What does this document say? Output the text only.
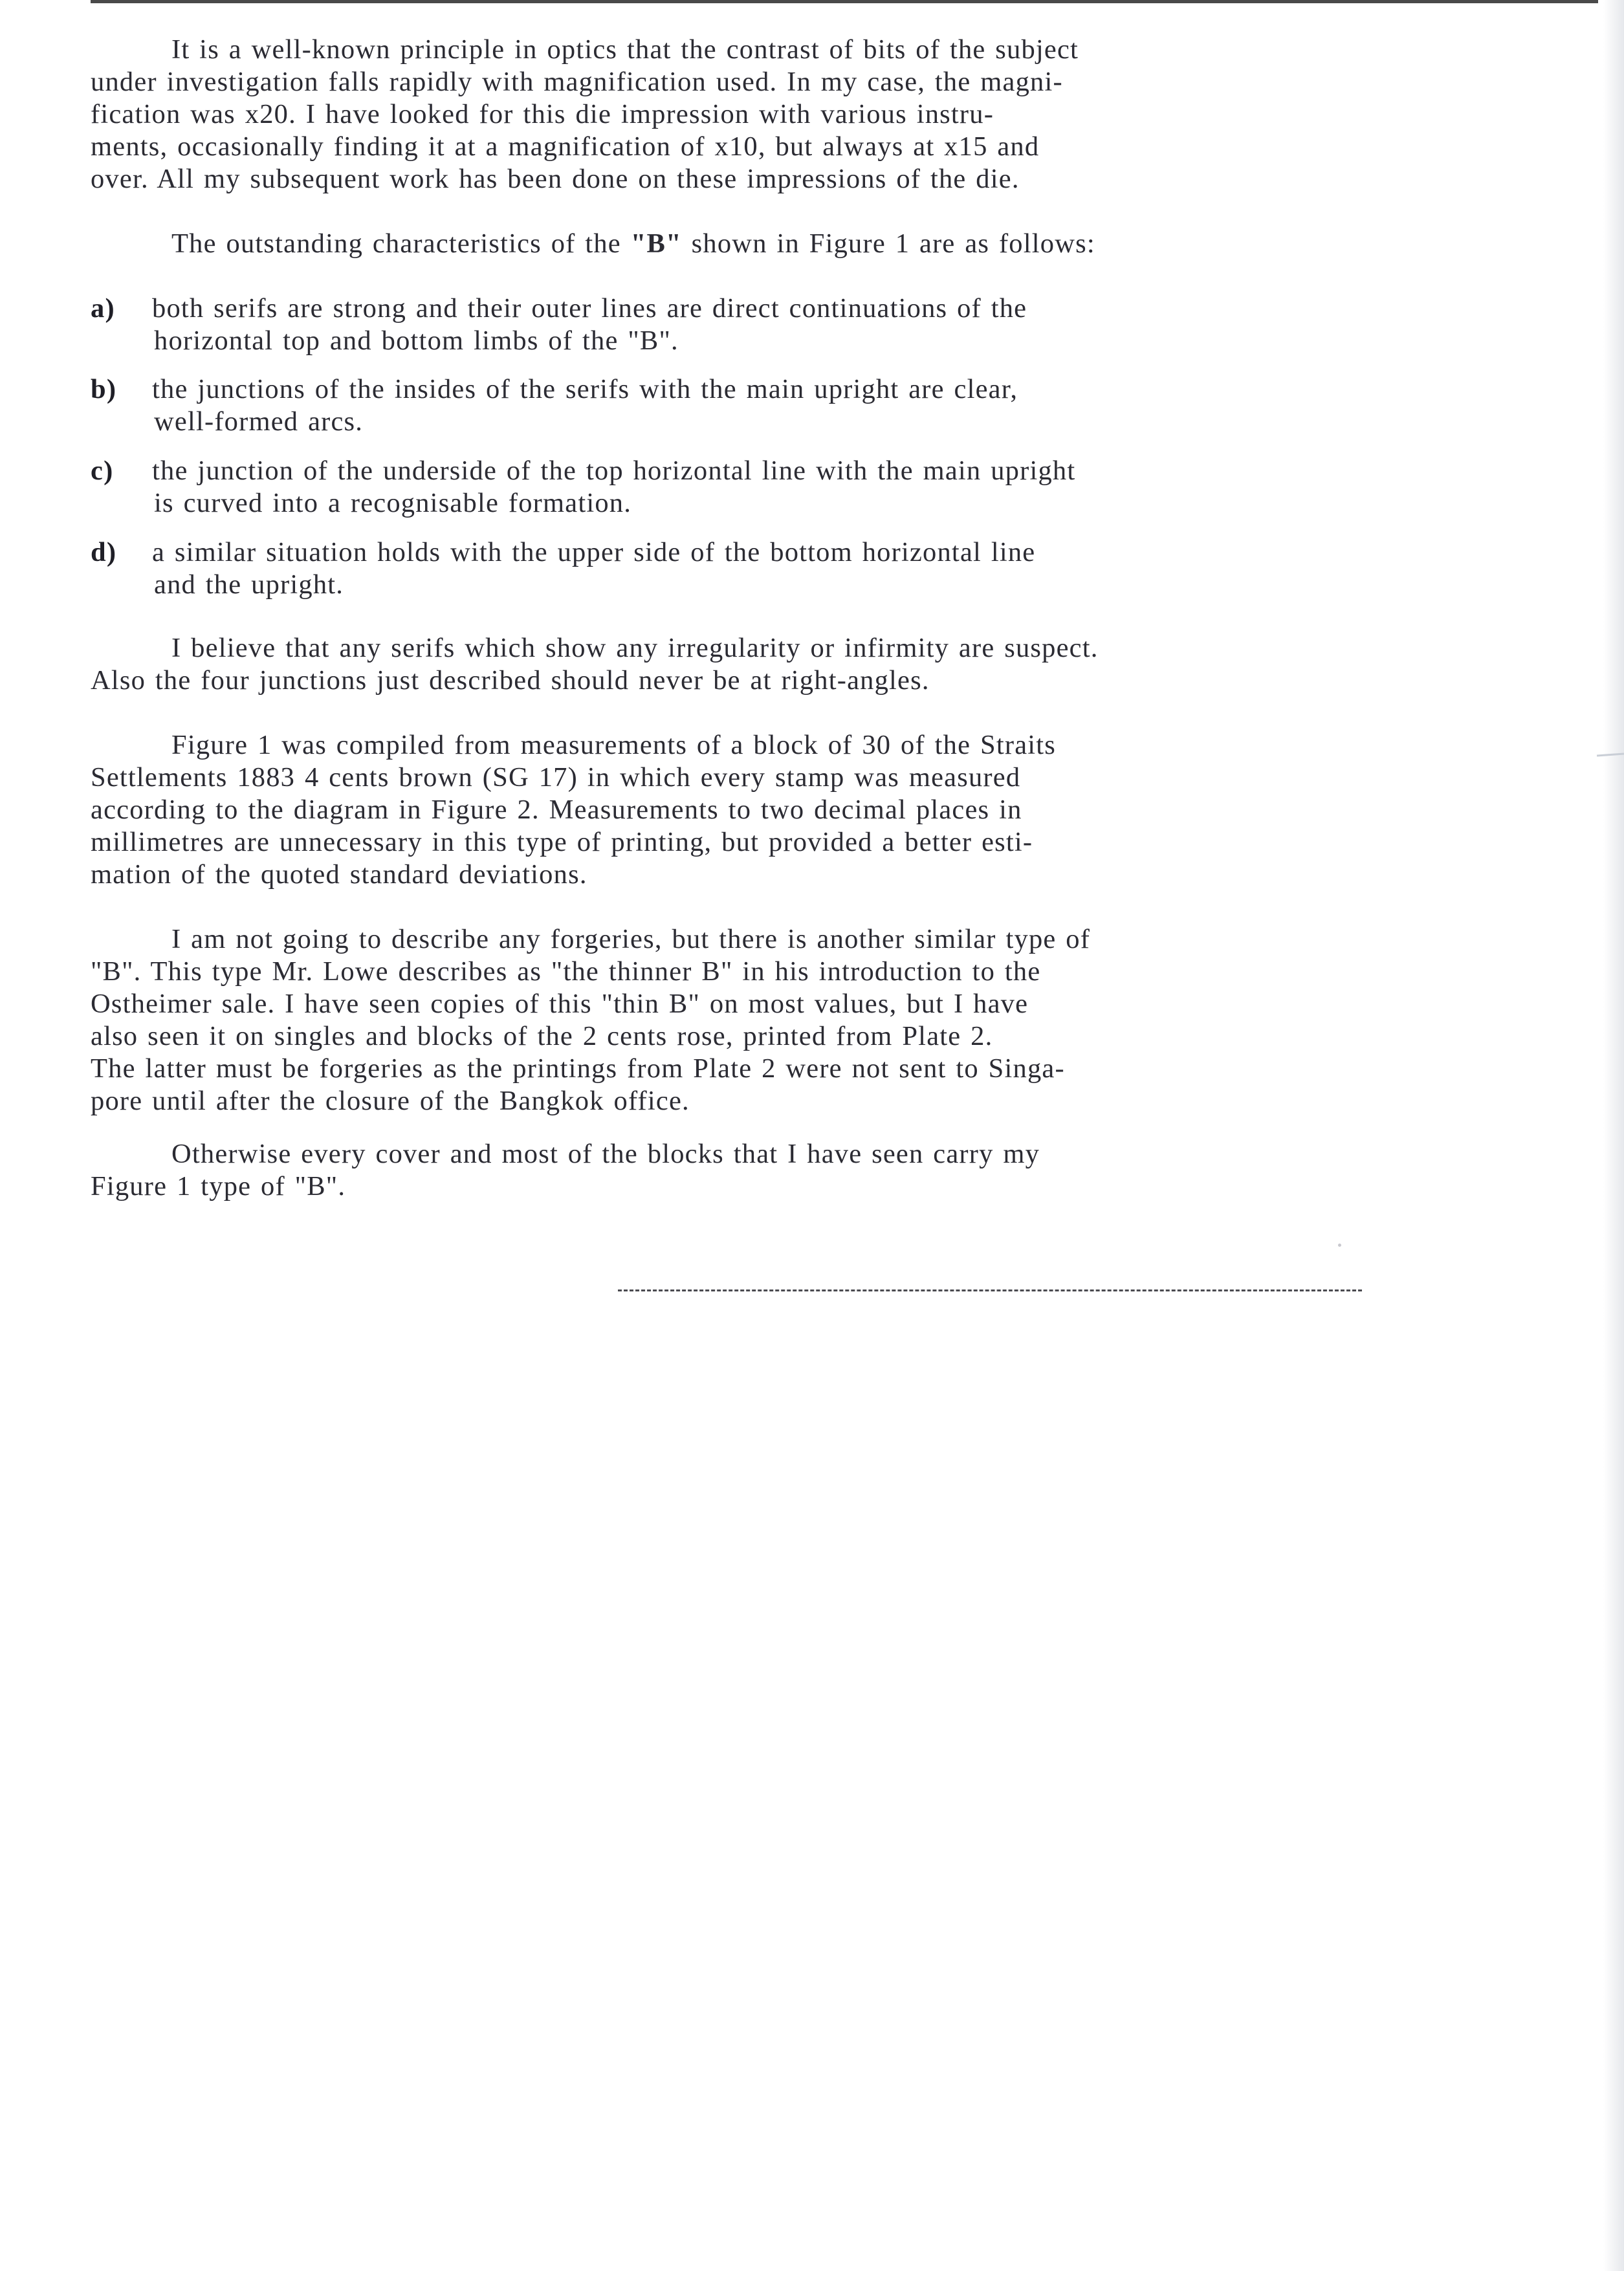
It is a well-known principle in optics that the contrast of bits of the subject
under investigation falls rapidly with magnification used. In my case, the magni-
fication was x20. I have looked for this die impression with various instru-
ments, occasionally finding it at a magnification of x10, but always at x15 and
over. All my subsequent work has been done on these impressions of the die.
The outstanding characteristics of the "B" shown in Figure 1 are as follows:
a) both serifs are strong and their outer lines are direct continuations of the
horizontal top and bottom limbs of the "B".
b) the junctions of the insides of the serifs with the main upright are clear,
well-formed arcs.
c) the junction of the underside of the top horizontal line with the main upright
is curved into a recognisable formation.
d) a similar situation holds with the upper side of the bottom horizontal line
and the upright.
I believe that any serifs which show any irregularity or infirmity are suspect.
Also the four junctions just described should never be at right-angles.
Figure 1 was compiled from measurements of a block of 30 of the Straits
Settlements 1883 4 cents brown (SG 17) in which every stamp was measured
according to the diagram in Figure 2. Measurements to two decimal places in
millimetres are unnecessary in this type of printing, but provided a better esti-
mation of the quoted standard deviations.
I am not going to describe any forgeries, but there is another similar type of
"B". This type Mr. Lowe describes as "the thinner B" in his introduction to the
Ostheimer sale. I have seen copies of this "thin B" on most values, but I have
also seen it on singles and blocks of the 2 cents rose, printed from Plate 2.
The latter must be forgeries as the printings from Plate 2 were not sent to Singa-
pore until after the closure of the Bangkok office.
Otherwise every cover and most of the blocks that I have seen carry my
Figure 1 type of "B".
